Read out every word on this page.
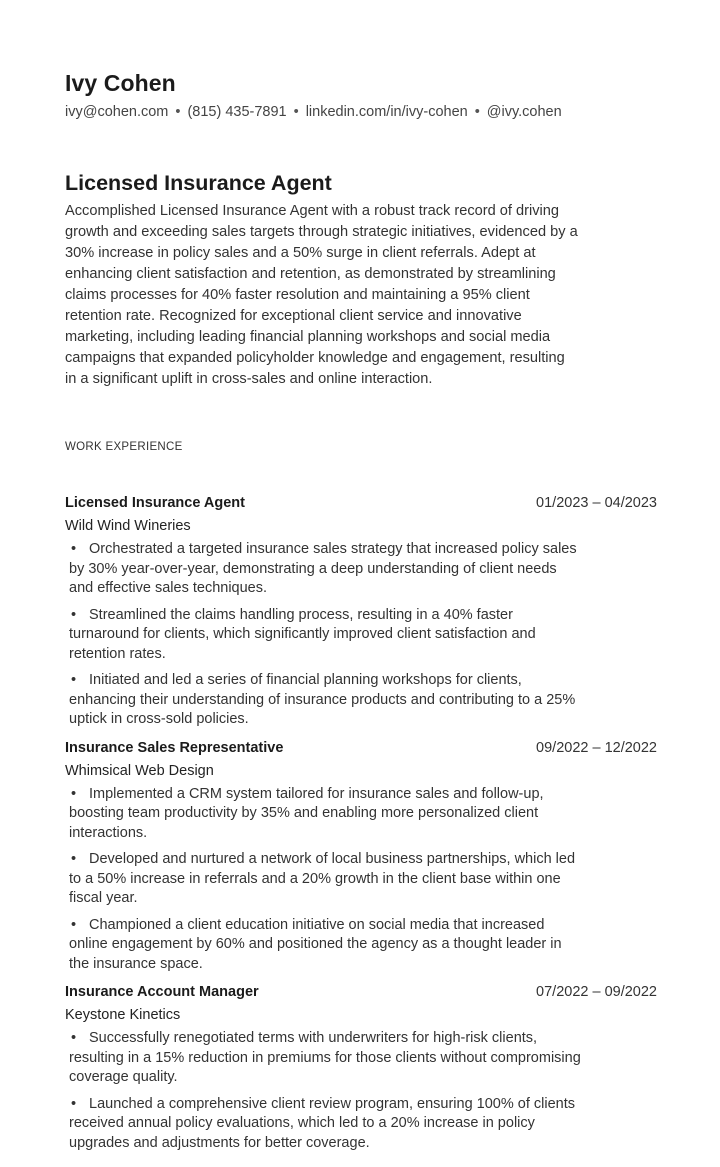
Ivy Cohen
ivy@cohen.com • (815) 435-7891 • linkedin.com/in/ivy-cohen • @ivy.cohen
Licensed Insurance Agent
Accomplished Licensed Insurance Agent with a robust track record of driving
growth and exceeding sales targets through strategic initiatives, evidenced by a
30% increase in policy sales and a 50% surge in client referrals. Adept at
enhancing client satisfaction and retention, as demonstrated by streamlining
claims processes for 40% faster resolution and maintaining a 95% client
retention rate. Recognized for exceptional client service and innovative
marketing, including leading financial planning workshops and social media
campaigns that expanded policyholder knowledge and engagement, resulting
in a significant uplift in cross-sales and online interaction.
WORK EXPERIENCE
Licensed Insurance Agent	01/2023 – 04/2023
Wild Wind Wineries
• Orchestrated a targeted insurance sales strategy that increased policy sales
by 30% year-over-year, demonstrating a deep understanding of client needs
and effective sales techniques.
• Streamlined the claims handling process, resulting in a 40% faster
turnaround for clients, which significantly improved client satisfaction and
retention rates.
• Initiated and led a series of financial planning workshops for clients,
enhancing their understanding of insurance products and contributing to a 25%
uptick in cross-sold policies.
Insurance Sales Representative	09/2022 – 12/2022
Whimsical Web Design
• Implemented a CRM system tailored for insurance sales and follow-up,
boosting team productivity by 35% and enabling more personalized client
interactions.
• Developed and nurtured a network of local business partnerships, which led
to a 50% increase in referrals and a 20% growth in the client base within one
fiscal year.
• Championed a client education initiative on social media that increased
online engagement by 60% and positioned the agency as a thought leader in
the insurance space.
Insurance Account Manager	07/2022 – 09/2022
Keystone Kinetics
• Successfully renegotiated terms with underwriters for high-risk clients,
resulting in a 15% reduction in premiums for those clients without compromising
coverage quality.
• Launched a comprehensive client review program, ensuring 100% of clients
received annual policy evaluations, which led to a 20% increase in policy
upgrades and adjustments for better coverage.
